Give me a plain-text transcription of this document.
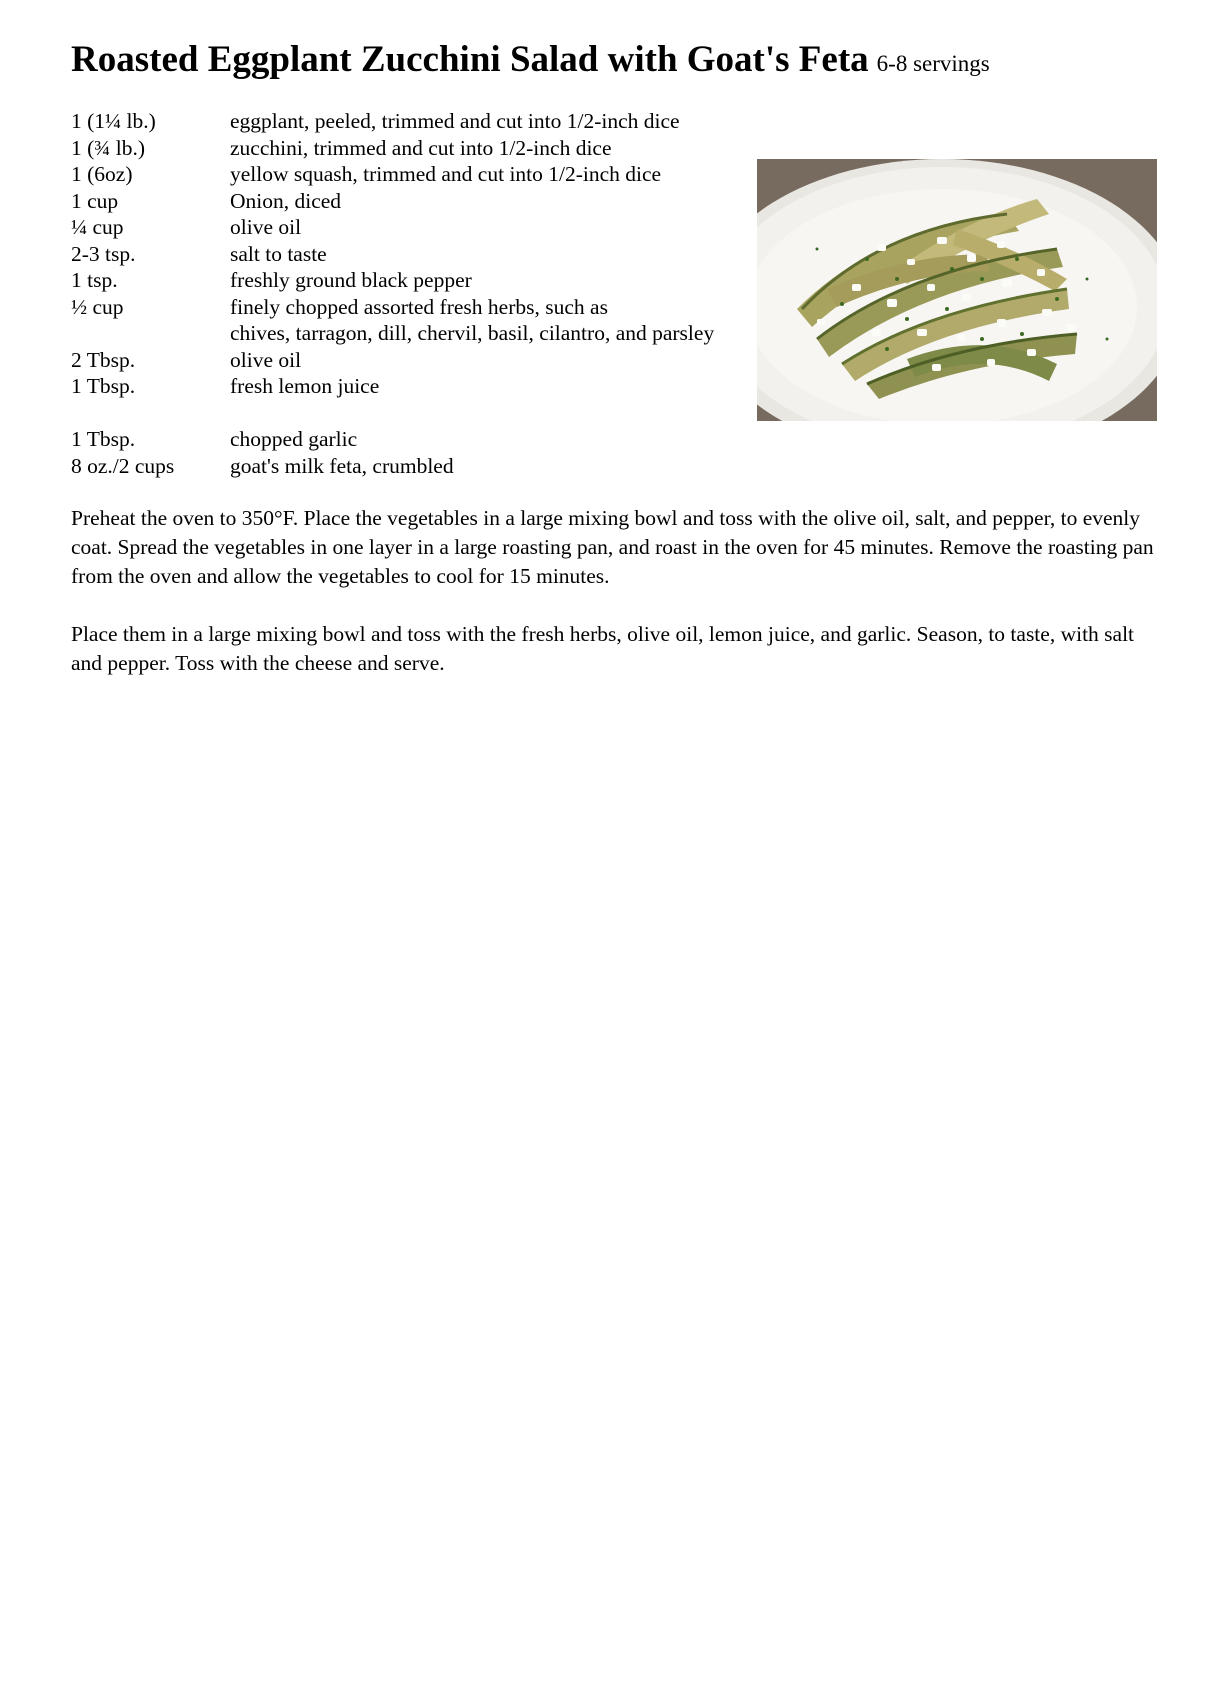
Roasted Eggplant Zucchini Salad with Goat's Feta 6-8 servings
1 (1¼ lb.)	eggplant, peeled, trimmed and cut into 1/2-inch dice
1 (¾ lb.)	zucchini, trimmed and cut into 1/2-inch dice
1 (6oz)	yellow squash, trimmed and cut into 1/2-inch dice
1 cup	Onion, diced
¼ cup	olive oil
2-3 tsp.	salt to taste
1 tsp.	freshly ground black pepper
½ cup	finely chopped assorted fresh herbs, such as
chives, tarragon, dill, chervil, basil, cilantro, and parsley
2 Tbsp.	olive oil
1 Tbsp.	fresh lemon juice
1 Tbsp.	chopped garlic
8 oz./2 cups	goat's milk feta, crumbled

Preheat the oven to 350°F. Place the vegetables in a large mixing bowl and toss with the olive oil, salt, and pepper, to evenly coat. Spread the vegetables in one layer in a large roasting pan, and roast in the oven for 45 minutes. Remove the roasting pan from the oven and allow the vegetables to cool for 15 minutes.

Place them in a large mixing bowl and toss with the fresh herbs, olive oil, lemon juice, and garlic. Season, to taste, with salt and pepper. Toss with the cheese and serve.
